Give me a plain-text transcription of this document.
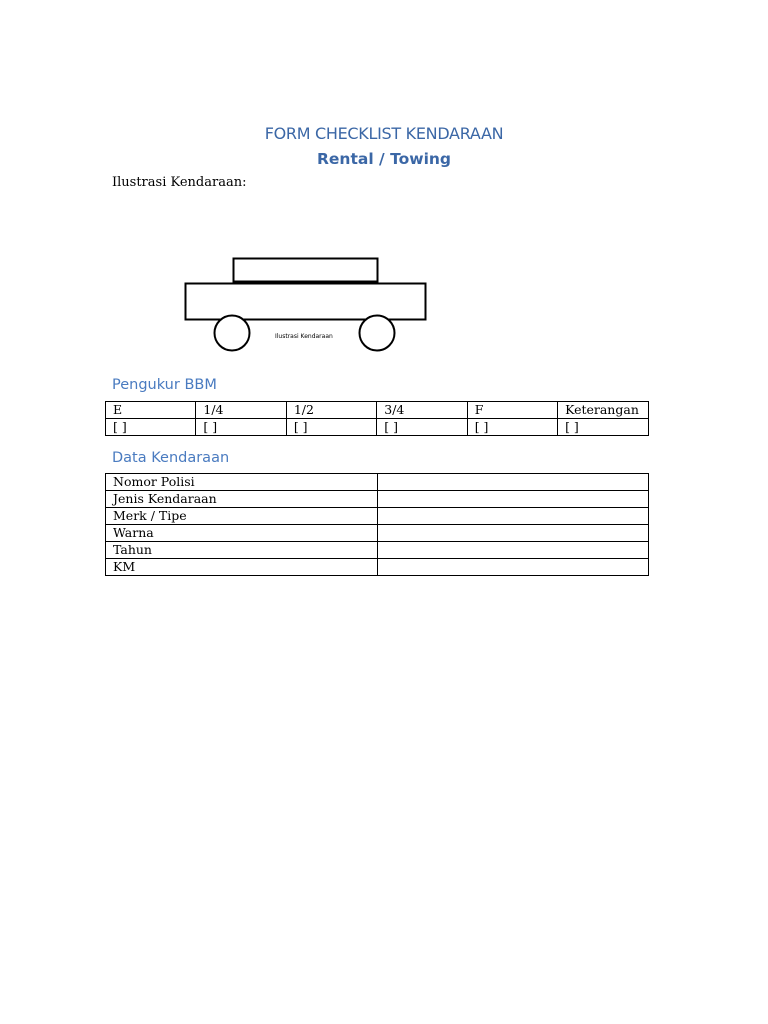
FORM CHECKLIST KENDARAAN
Rental / Towing
Ilustrasi Kendaraan:
Ilustrasi Kendaraan
Pengukur BBM
E	1/4	1/2	3/4	F	Keterangan
[ ]	[ ]	[ ]	[ ]	[ ]	[ ]
Data Kendaraan
Nomor Polisi	
Jenis Kendaraan	
Merk / Tipe	
Warna	
Tahun	
KM	
